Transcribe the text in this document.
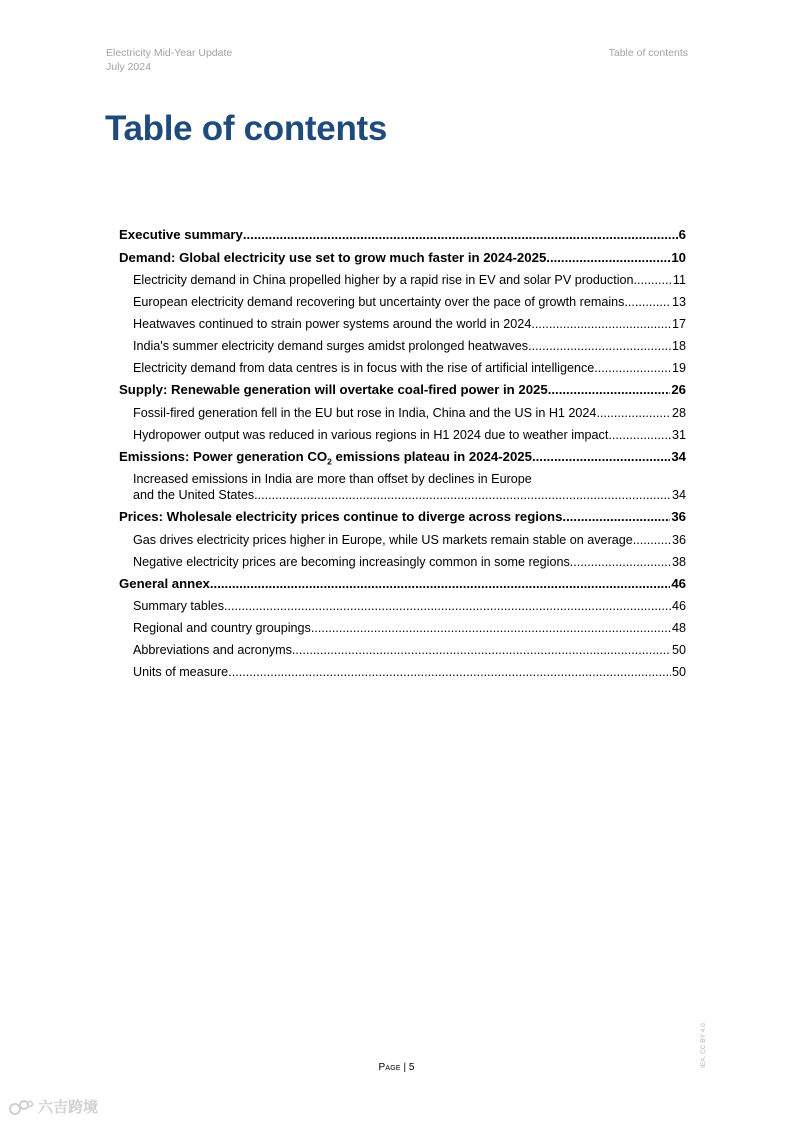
Electricity Mid-Year Update
July 2024
Table of contents
Table of contents
Executive summary .....	6
Demand: Global electricity use set to grow much faster in 2024-2025 .....	10
Electricity demand in China propelled higher by a rapid rise in EV and solar PV production .....	11
European electricity demand recovering but uncertainty over the pace of growth remains .....	13
Heatwaves continued to strain power systems around the world in 2024 .....	17
India's summer electricity demand surges amidst prolonged heatwaves .....	18
Electricity demand from data centres is in focus with the rise of artificial intelligence .....	19
Supply: Renewable generation will overtake coal-fired power in 2025 .....	26
Fossil-fired generation fell in the EU but rose in India, China and the US in H1 2024 .....	28
Hydropower output was reduced in various regions in H1 2024 due to weather impact .....	31
Emissions: Power generation $CO_2$ emissions plateau in 2024-2025 .....	34
Increased emissions in India are more than offset by declines in Europe
and the United States .....	34
Prices: Wholesale electricity prices continue to diverge across regions .....	36
Gas drives electricity prices higher in Europe, while US markets remain stable on average .....	36
Negative electricity prices are becoming increasingly common in some regions .....	38
General annex .....	46
Summary tables .....	46
Regional and country groupings .....	48
Abbreviations and acronyms .....	50
Units of measure .....	50
Page | 5	IEA. CC BY 4.0.
六吉跨境
